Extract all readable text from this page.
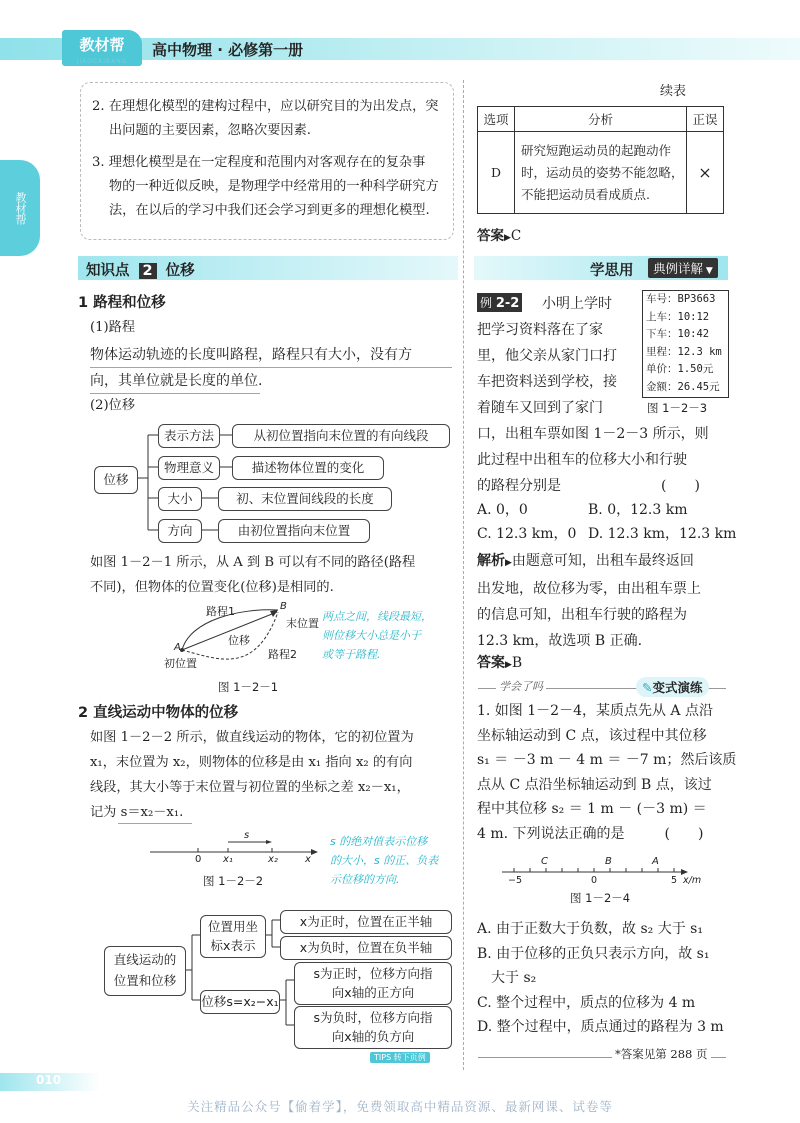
教材帮
JIAOCAIBANG
高中物理 · 必修第一册
教材帮
2. 在理想化模型的建构过程中，应以研究目的为出发点，突
出问题的主要因素，忽略次要因素.
3. 理想化模型是在一定程度和范围内对客观存在的复杂事
物的一种近似反映，是物理学中经常用的一种科学研究方
法，在以后的学习中我们还会学习到更多的理想化模型.
续表
选项	分析	正误
D	研究短跑运动员的起跑动作
时，运动员的姿势不能忽略，
不能把运动员看成质点.	×
答案▶C
知识点 2 位移	学思用	典例详解 ▼
1 路程和位移
(1)路程
物体运动轨迹的长度叫路程，路程只有大小，没有方
向，其单位就是长度的单位.
(2)位移
位移
表示方法	从初位置指向末位置的有向线段
物理意义	描述物体位置的变化
大小	初、末位置间线段的长度
方向	由初位置指向末位置
如图 1－2－1 所示，从 A 到 B 可以有不同的路径(路程
不同)，但物体的位置变化(位移)是相同的.
路程1
位移
路程2
A
B
初位置
末位置
两点之间，线段最短，
则位移大小总是小于
或等于路程.
图 1－2－1
2 直线运动中物体的位移
如图 1－2－2 所示，做直线运动的物体，它的初位置为
x₁，末位置为 x₂，则物体的位移是由 x₁ 指向 x₂ 的有向
线段，其大小等于末位置与初位置的坐标之差 x₂－x₁，
记为 s＝x₂－x₁.
0 x₁	x₂	x
s	s 的绝对值表示位移
的大小，s 的正、负表
示位移的方向.
图 1－2－2
直线运动的
位置和位移
位置用坐
标x表示
x为正时，位置在正半轴
x为负时，位置在负半轴
位移s=x₂−x₁
s为正时，位移方向指
向x轴的正方向
s为负时，位移方向指
向x轴的负方向
TIPS 转下页例
例 2-2 小明上学时
把学习资料落在了家
里，他父亲从家门口打
车把资料送到学校，接
着随车又回到了家门
口，出租车票如图 1－2－3 所示，则
此过程中出租车的位移大小和行驶
的路程分别是	(　　)
车号：BP3663
上车：10:12
下车：10:42
里程：12.3 km
单价：1.50元
金额：26.45元
图 1－2－3
A. 0，0	B. 0，12.3 km
C. 12.3 km，0 D. 12.3 km，12.3 km
解析▶由题意可知，出租车最终返回
出发地，故位移为零，由出租车票上
的信息可知，出租车行驶的路程为
12.3 km，故选项 B 正确.
答案▶B
学会了吗	✎变式演练
1. 如图 1－2－4，某质点先从 A 点沿
坐标轴运动到 C 点，该过程中其位移
s₁ ＝ －3 m － 4 m ＝ －7 m；然后该质
点从 C 点沿坐标轴运动到 B 点，该过
程中其位移 s₂ ＝ 1 m － (－3 m) ＝
4 m. 下列说法正确的是	(　　)
C	B	A
−5	0	5 x/m
图 1－2－4
A. 由于正数大于负数，故 s₂ 大于 s₁
B. 由于位移的正负只表示方向，故 s₁
　大于 s₂
C. 整个过程中，质点的位移为 4 m
D. 整个过程中，质点通过的路程为 3 m
*答案见第 288 页
010
关注精品公众号【偷着学】，免费领取高中精品资源、最新网课、试卷等
